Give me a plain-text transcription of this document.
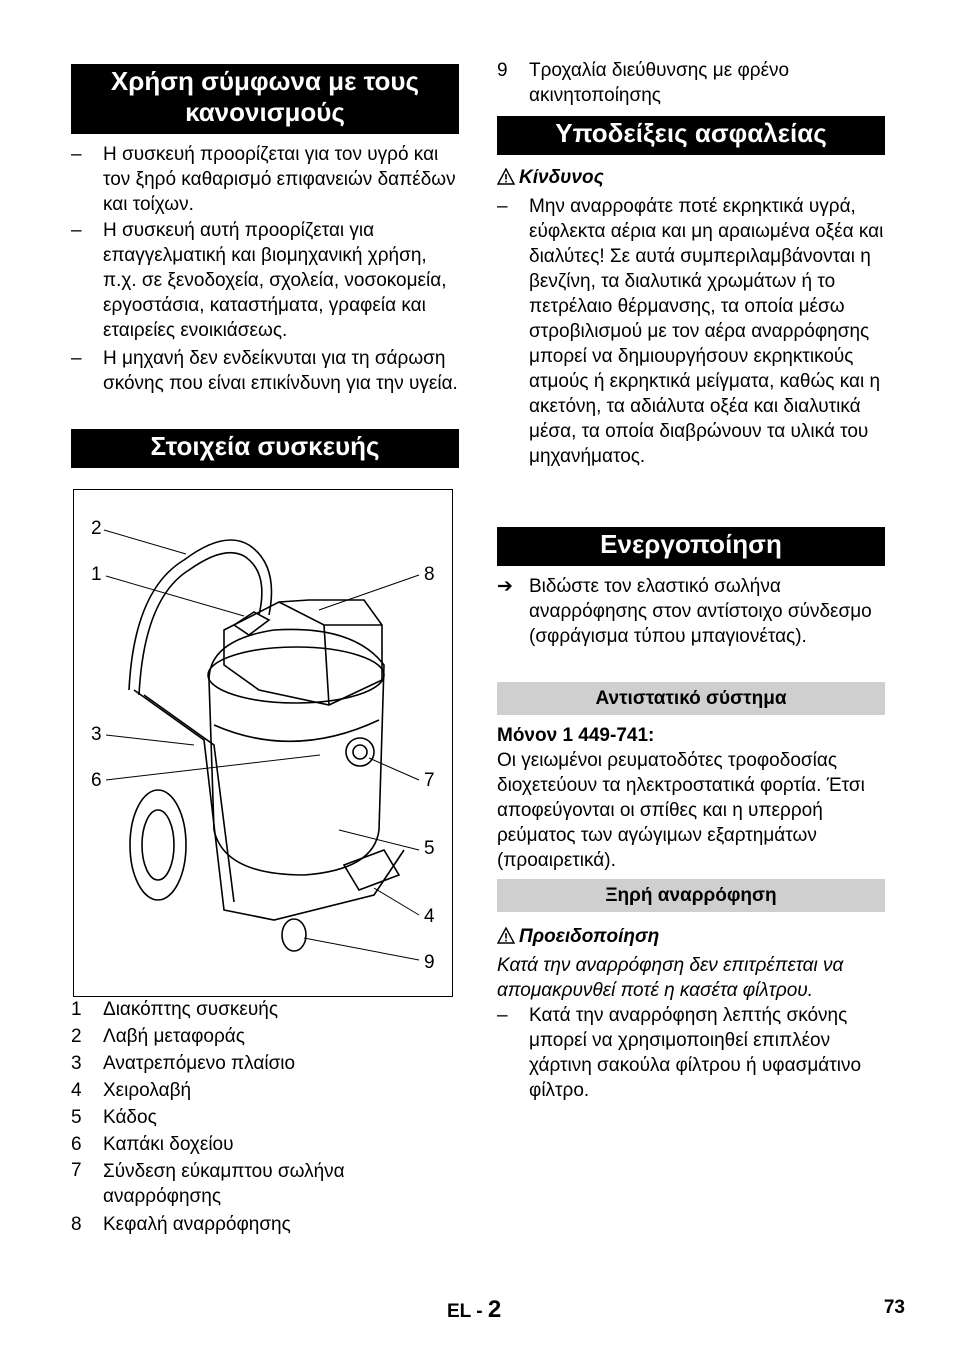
Χρήση σύμφωνα με τους κανονισμούς
–	Η συσκευή προορίζεται για τον υγρό και τον ξηρό καθαρισμό επιφανειών δαπέδων και τοίχων.
–	Η συσκευή αυτή προορίζεται για επαγγελματική και βιομηχανική χρήση, π.χ. σε ξενοδοχεία, σχολεία, νοσοκομεία, εργοστάσια, καταστήματα, γραφεία και εταιρείες ενοικιάσεως.
–	Η μηχανή δεν ενδείκνυται για τη σάρωση σκόνης που είναι επικίνδυνη για την υγεία.
Στοιχεία συσκευής
2
1	8
3
6	7
5
4
9
1 Διακόπτης συσκευής
2 Λαβή μεταφοράς
3 Ανατρεπόμενο πλαίσιο
4 Χειρολαβή
5 Κάδος
6 Καπάκι δοχείου
7 Σύνδεση εύκαμπτου σωλήνα αναρρόφησης
8 Κεφαλή αναρρόφησης
9	Τροχαλία διεύθυνσης με φρένο ακινητοποίησης
Υποδείξεις ασφαλείας
Κίνδυνος
–	Μην αναρροφάτε ποτέ εκρηκτικά υγρά, εύφλεκτα αέρια και μη αραιωμένα οξέα και διαλύτες! Σε αυτά συμπεριλαμβάνονται η βενζίνη, τα διαλυτικά χρωμάτων ή το πετρέλαιο θέρμανσης, τα οποία μέσω στροβιλισμού με τον αέρα αναρρόφησης μπορεί να δημιουργήσουν εκρηκτικούς ατμούς ή εκρηκτικά μείγματα, καθώς και η ακετόνη, τα αδιάλυτα οξέα και διαλυτικά μέσα, τα οποία διαβρώνουν τα υλικά του μηχανήματος.
Ενεργοποίηση
➔ Βιδώστε τον ελαστικό σωλήνα αναρρόφησης στον αντίστοιχο σύνδεσμο (σφράγισμα τύπου μπαγιονέτας).
Αντιστατικό σύστημα
Μόνον 1 449-741:
Οι γειωμένοι ρευματοδότες τροφοδοσίας διοχετεύουν τα ηλεκτροστατικά φορτία. Έτσι αποφεύγονται οι σπίθες και η υπερροή ρεύματος των αγώγιμων εξαρτημάτων (προαιρετικά).
Ξηρή αναρρόφηση
Προειδοποίηση
Κατά την αναρρόφηση δεν επιτρέπεται να απομακρυνθεί ποτέ η κασέτα φίλτρου.
–	Κατά την αναρρόφηση λεπτής σκόνης μπορεί να χρησιμοποιηθεί επιπλέον χάρτινη σακούλα φίλτρου ή υφασμάτινο φίλτρο.
EL - 2	73
